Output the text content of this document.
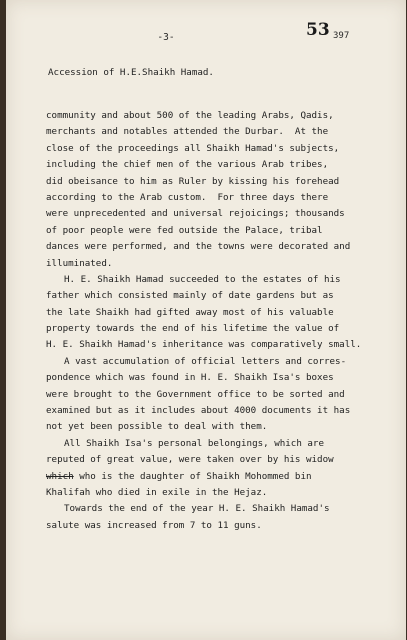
-3-	53 397
Accession of H.E.Shaikh Hamad.
community and about 500 of the leading Arabs, Qadis,
merchants and notables attended the Durbar.  At the
close of the proceedings all Shaikh Hamad's subjects,
including the chief men of the various Arab tribes,
did obeisance to him as Ruler by kissing his forehead
according to the Arab custom.  For three days there
were unprecedented and universal rejoicings; thousands
of poor people were fed outside the Palace, tribal
dances were performed, and the towns were decorated and
illuminated.
H. E. Shaikh Hamad succeeded to the estates of his
father which consisted mainly of date gardens but as
the late Shaikh had gifted away most of his valuable
property towards the end of his lifetime the value of
H. E. Shaikh Hamad's inheritance was comparatively small.
A vast accumulation of official letters and corres-
pondence which was found in H. E. Shaikh Isa's boxes
were brought to the Government office to be sorted and
examined but as it includes about 4000 documents it has
not yet been possible to deal with them.
All Shaikh Isa's personal belongings, which are
reputed of great value, were taken over by his widow
which who is the daughter of Shaikh Mohommed bin
Khalifah who died in exile in the Hejaz.
Towards the end of the year H. E. Shaikh Hamad's
salute was increased from 7 to 11 guns.
